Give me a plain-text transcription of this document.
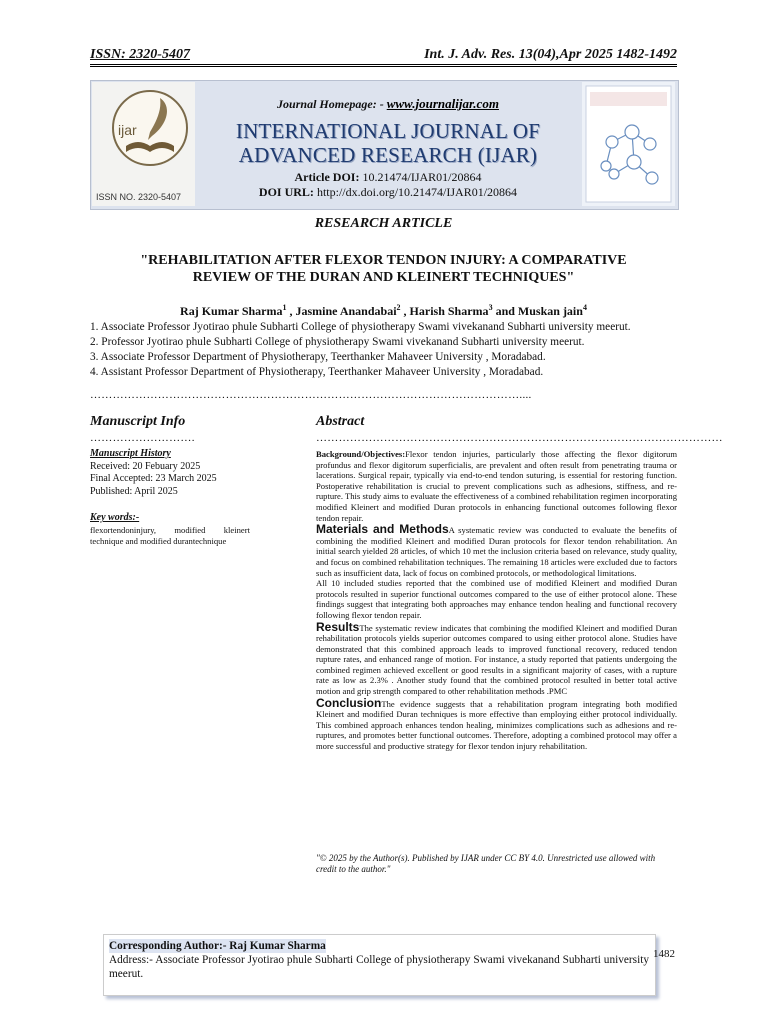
ISSN: 2320-5407	Int. J. Adv. Res. 13(04),Apr 2025 1482-1492
ijar
ISSN NO. 2320-5407
Journal Homepage: - www.journalijar.com
INTERNATIONAL JOURNAL OF
ADVANCED RESEARCH (IJAR)
Article DOI: 10.21474/IJAR01/20864
DOI URL: http://dx.doi.org/10.21474/IJAR01/20864
RESEARCH ARTICLE
"REHABILITATION AFTER FLEXOR TENDON INJURY: A COMPARATIVE
REVIEW OF THE DURAN AND KLEINERT TECHNIQUES"
Raj Kumar Sharma$^1$ , Jasmine Anandabai$^2$ , Harish Sharma$^3$ and Muskan jain$^4$
1. Associate Professor Jyotirao phule Subharti College of physiotherapy Swami vivekanand Subharti university meerut.
2. Professor Jyotirao phule Subharti College of physiotherapy Swami vivekanand Subharti university meerut.
3. Associate Professor Department of Physiotherapy, Teerthanker Mahaveer University , Moradabad.
4. Assistant Professor Department of Physiotherapy, Teerthanker Mahaveer University , Moradabad.
……………………………………………………………………………………………………....
Manuscript Info
……………………….
Manuscript History
Received: 20 Febuary 2025
Final Accepted: 23 March 2025
Published: April 2025
Key words:-
flexortendoninjury, modified kleinert technique and modified durantechnique
Abstract
………………………………………………………………………………………………

Background/Objectives:Flexor tendon injuries, particularly those affecting the flexor digitorum profundus and flexor digitorum superficialis, are prevalent and often result from penetrating trauma or lacerations. Surgical repair, typically via end-to-end tendon suturing, is essential for restoring function. Postoperative rehabilitation is crucial to prevent complications such as adhesions, stiffness, and re-rupture. This study aims to evaluate the effectiveness of a combined rehabilitation regimen incorporating modified Kleinert and modified Duran protocols in enhancing functional outcomes following flexor tendon repair.

Materials and MethodsA systematic review was conducted to evaluate the benefits of combining the modified Kleinert and modified Duran protocols for flexor tendon rehabilitation. An initial search yielded 28 articles, of which 10 met the inclusion criteria based on relevance, study quality, and focus on combined rehabilitation techniques. The remaining 18 articles were excluded due to factors such as insufficient data, lack of focus on combined protocols, or methodological limitations.

All 10 included studies reported that the combined use of modified Kleinert and modified Duran protocols resulted in superior functional outcomes compared to the use of either protocol alone. These findings suggest that integrating both approaches may enhance tendon healing and functional recovery following flexor tendon repair.

ResultsThe systematic review indicates that combining the modified Kleinert and modified Duran rehabilitation protocols yields superior outcomes compared to using either protocol alone. Studies have demonstrated that this combined approach leads to improved functional recovery, reduced tendon rupture rates, and enhanced range of motion. For instance, a study reported that patients undergoing the combined regimen achieved excellent or good results in a significant majority of cases, with a rupture rate as low as 2.3% . Another study found that the combined protocol resulted in better total active motion and grip strength compared to other rehabilitation methods .PMC

ConclusionThe evidence suggests that a rehabilitation program integrating both modified Kleinert and modified Duran techniques is more effective than employing either protocol individually. This combined approach enhances tendon healing, minimizes complications such as adhesions and re-ruptures, and promotes better functional outcomes. Therefore, adopting a combined protocol may offer a more successful and productive strategy for flexor tendon injury rehabilitation.

"© 2025 by the Author(s). Published by IJAR under CC BY 4.0. Unrestricted use allowed with credit to the author."
Corresponding Author:- Raj Kumar Sharma
Address:- Associate Professor Jyotirao phule Subharti College of physiotherapy Swami vivekanand Subharti university meerut.
1482
